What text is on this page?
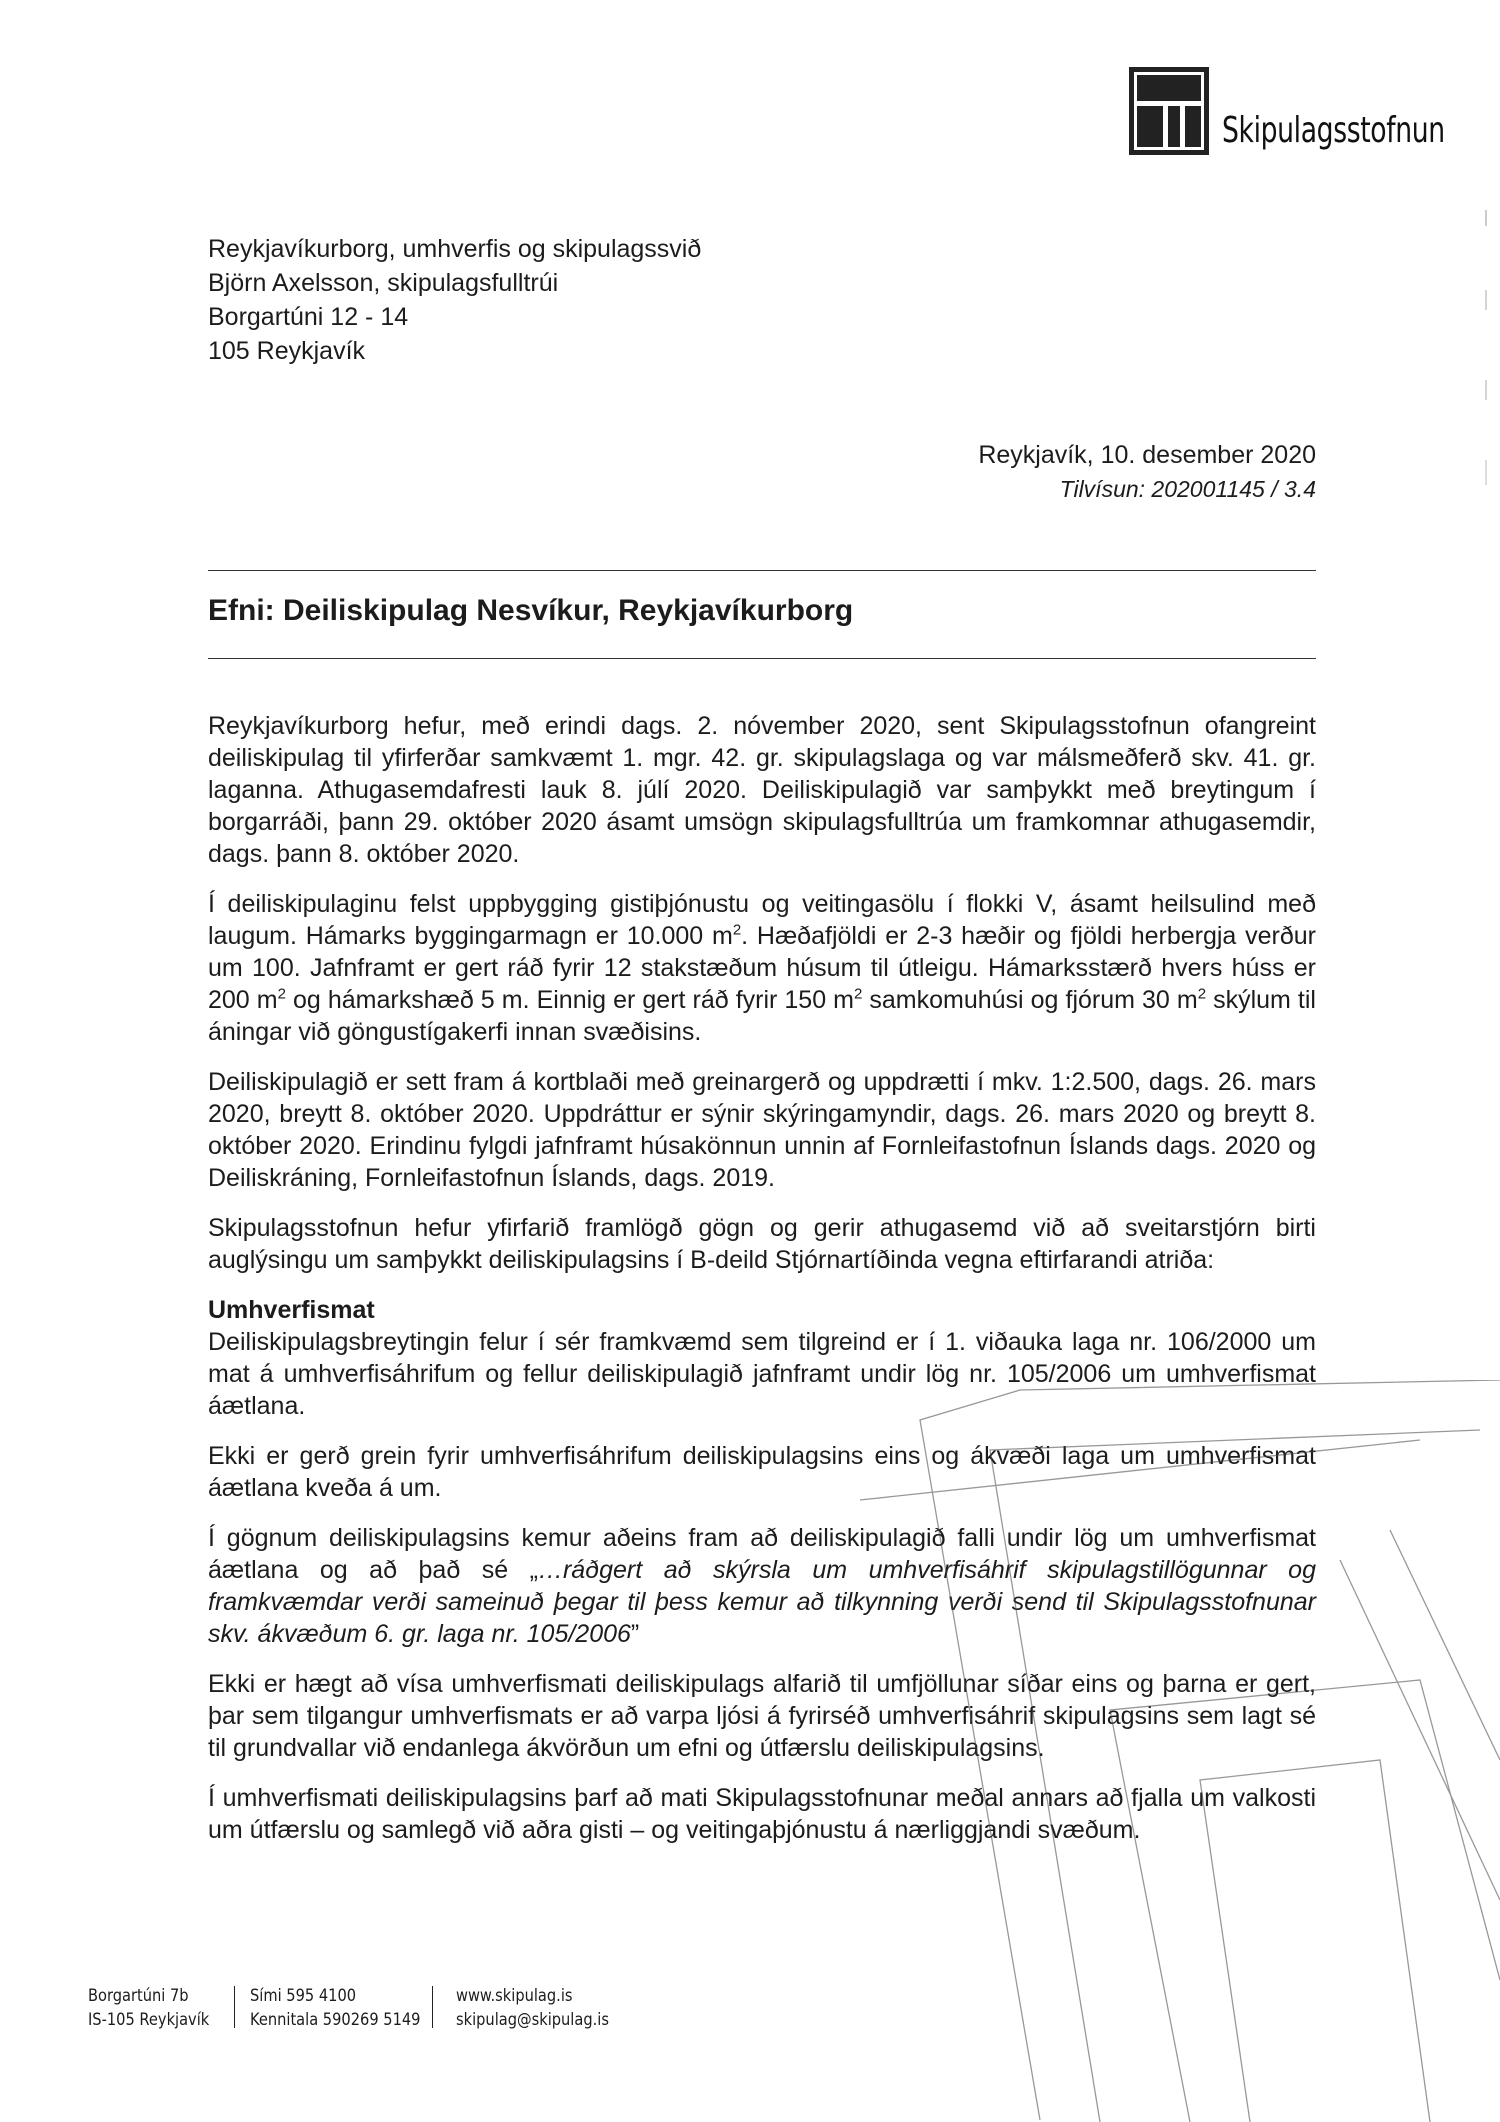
Skipulagsstofnun
Reykjavíkurborg, umhverfis og skipulagssvið
Björn Axelsson, skipulagsfulltrúi
Borgartúni 12 - 14
105 Reykjavík
Reykjavík, 10. desember 2020
Tilvísun: 202001145 / 3.4
Efni: Deiliskipulag Nesvíkur, Reykjavíkurborg

Reykjavíkurborg hefur, með erindi dags. 2. nóvember 2020, sent Skipulagsstofnun ofangreint deiliskipulag til yfirferðar samkvæmt 1. mgr. 42. gr. skipulagslaga og var málsmeðferð skv. 41. gr. laganna. Athugasemdafresti lauk 8. júlí 2020. Deiliskipulagið var samþykkt með breytingum í borgarráði, þann 29. október 2020 ásamt umsögn skipulagsfulltrúa um framkomnar athugasemdir, dags. þann 8. október 2020.

Í deiliskipulaginu felst uppbygging gistiþjónustu og veitingasölu í flokki V, ásamt heilsulind með laugum. Hámarks byggingarmagn er 10.000 $m^2$. Hæðafjöldi er 2-3 hæðir og fjöldi herbergja verður um 100. Jafnframt er gert ráð fyrir 12 stakstæðum húsum til útleigu. Hámarksstærð hvers húss er 200 $m^2$ og hámarkshæð 5 m. Einnig er gert ráð fyrir 150 $m^2$ samkomuhúsi og fjórum 30 $m^2$ skýlum til áningar við göngustígakerfi innan svæðisins.

Deiliskipulagið er sett fram á kortblaði með greinargerð og uppdrætti í mkv. 1:2.500, dags. 26. mars 2020, breytt 8. október 2020. Uppdráttur er sýnir skýringamyndir, dags. 26. mars 2020 og breytt 8. október 2020. Erindinu fylgdi jafnframt húsakönnun unnin af Fornleifastofnun Íslands dags. 2020 og Deiliskráning, Fornleifastofnun Íslands, dags. 2019.

Skipulagsstofnun hefur yfirfarið framlögð gögn og gerir athugasemd við að sveitarstjórn birti auglýsingu um samþykkt deiliskipulagsins í B-deild Stjórnartíðinda vegna eftirfarandi atriða:

Umhverfismat

Deiliskipulagsbreytingin felur í sér framkvæmd sem tilgreind er í 1. viðauka laga nr. 106/2000 um mat á umhverfisáhrifum og fellur deiliskipulagið jafnframt undir lög nr. 105/2006 um umhverfismat áætlana.

Ekki er gerð grein fyrir umhverfisáhrifum deiliskipulagsins eins og ákvæði laga um umhverfismat áætlana kveða á um.

Í gögnum deiliskipulagsins kemur aðeins fram að deiliskipulagið falli undir lög um umhverfismat áætlana og að það sé „…ráðgert að skýrsla um umhverfisáhrif skipulagstillögunnar og framkvæmdar verði sameinuð þegar til þess kemur að tilkynning verði send til Skipulagsstofnunar skv. ákvæðum 6. gr. laga nr. 105/2006”

Ekki er hægt að vísa umhverfismati deiliskipulags alfarið til umfjöllunar síðar eins og þarna er gert, þar sem tilgangur umhverfismats er að varpa ljósi á fyrirséð umhverfisáhrif skipulagsins sem lagt sé til grundvallar við endanlega ákvörðun um efni og útfærslu deiliskipulagsins.

Í umhverfismati deiliskipulagsins þarf að mati Skipulagsstofnunar meðal annars að fjalla um valkosti um útfærslu og samlegð við aðra gisti – og veitingaþjónustu á nærliggjandi svæðum.

Borgartúni 7b
IS-105 Reykjavík
Sími 595 4100
Kennitala 590269 5149
www.skipulag.is
skipulag@skipulag.is
